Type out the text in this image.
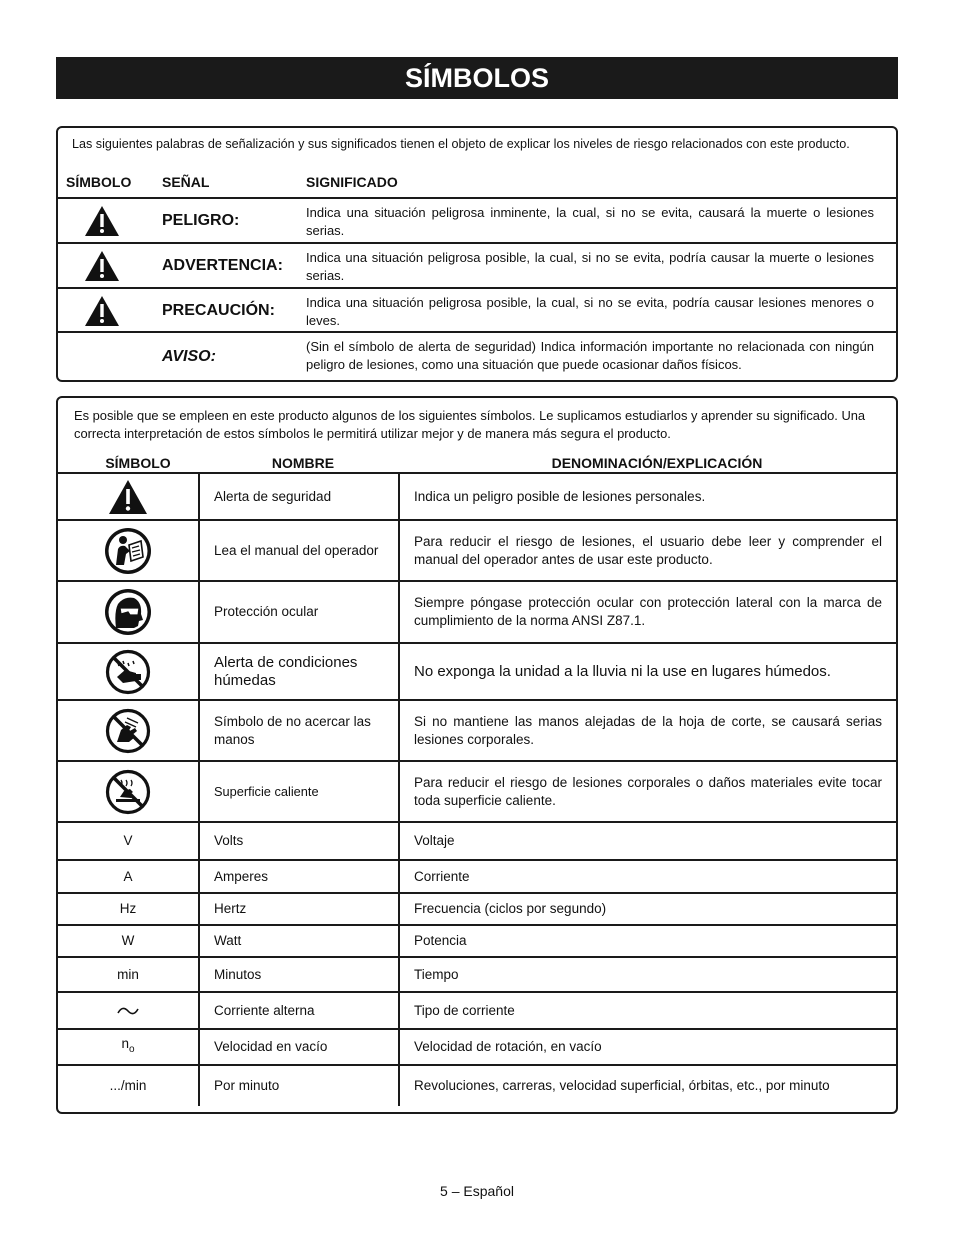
SÍMBOLOS
Las siguientes palabras de señalización y sus significados tienen el objeto de explicar los niveles de riesgo relacionados con este producto.
SÍMBOLO SEÑAL	SIGNIFICADO
PELIGRO:	Indica una situación peligrosa inminente, la cual, si no se evita, causará la muerte o lesiones serias.
ADVERTENCIA: Indica una situación peligrosa posible, la cual, si no se evita, podría causar la muerte o lesiones serias.
PRECAUCIÓN: Indica una situación peligrosa posible, la cual, si no se evita, podría causar lesiones menores o leves.
AVISO:
(Sin el símbolo de alerta de seguridad) Indica información importante no relacionada con ningún peligro de lesiones, como una situación que puede ocasionar daños físicos.
Es posible que se empleen en este producto algunos de los siguientes símbolos. Le suplicamos estudiarlos y aprender su significado. Una correcta interpretación de estos símbolos le permitirá utilizar mejor y de manera más segura el producto.
SÍMBOLO	NOMBRE	DENOMINACIÓN/EXPLICACIÓN
	Alerta de seguridad	Indica un peligro posible de lesiones personales.

	Lea el manual del operador	Para reducir el riesgo de lesiones, el usuario debe leer y comprender el manual del operador antes de usar este producto.

	Protección ocular	Siempre póngase protección ocular con protección lateral con la marca de cumplimiento de la norma ANSI Z87.1.

	Alerta de condiciones húmedas	No exponga la unidad a la lluvia ni la use en lugares húmedos.

	Símbolo de no acercar las manos	Si no mantiene las manos alejadas de la hoja de corte, se causará serias lesiones corporales.

	Superficie caliente	Para reducir el riesgo de lesiones corporales o daños materiales evite tocar toda superficie caliente.
V	Volts	Voltaje
A	Amperes	Corriente
Hz	Hertz	Frecuencia (ciclos por segundo)
W	Watt	Potencia
min	Minutos	Tiempo

	Corriente alterna	Tipo de corriente
$n_o$	Velocidad en vacío	Velocidad de rotación, en vacío
.../min	Por minuto	Revoluciones, carreras, velocidad superficial, órbitas, etc., por minuto
5 – Español
